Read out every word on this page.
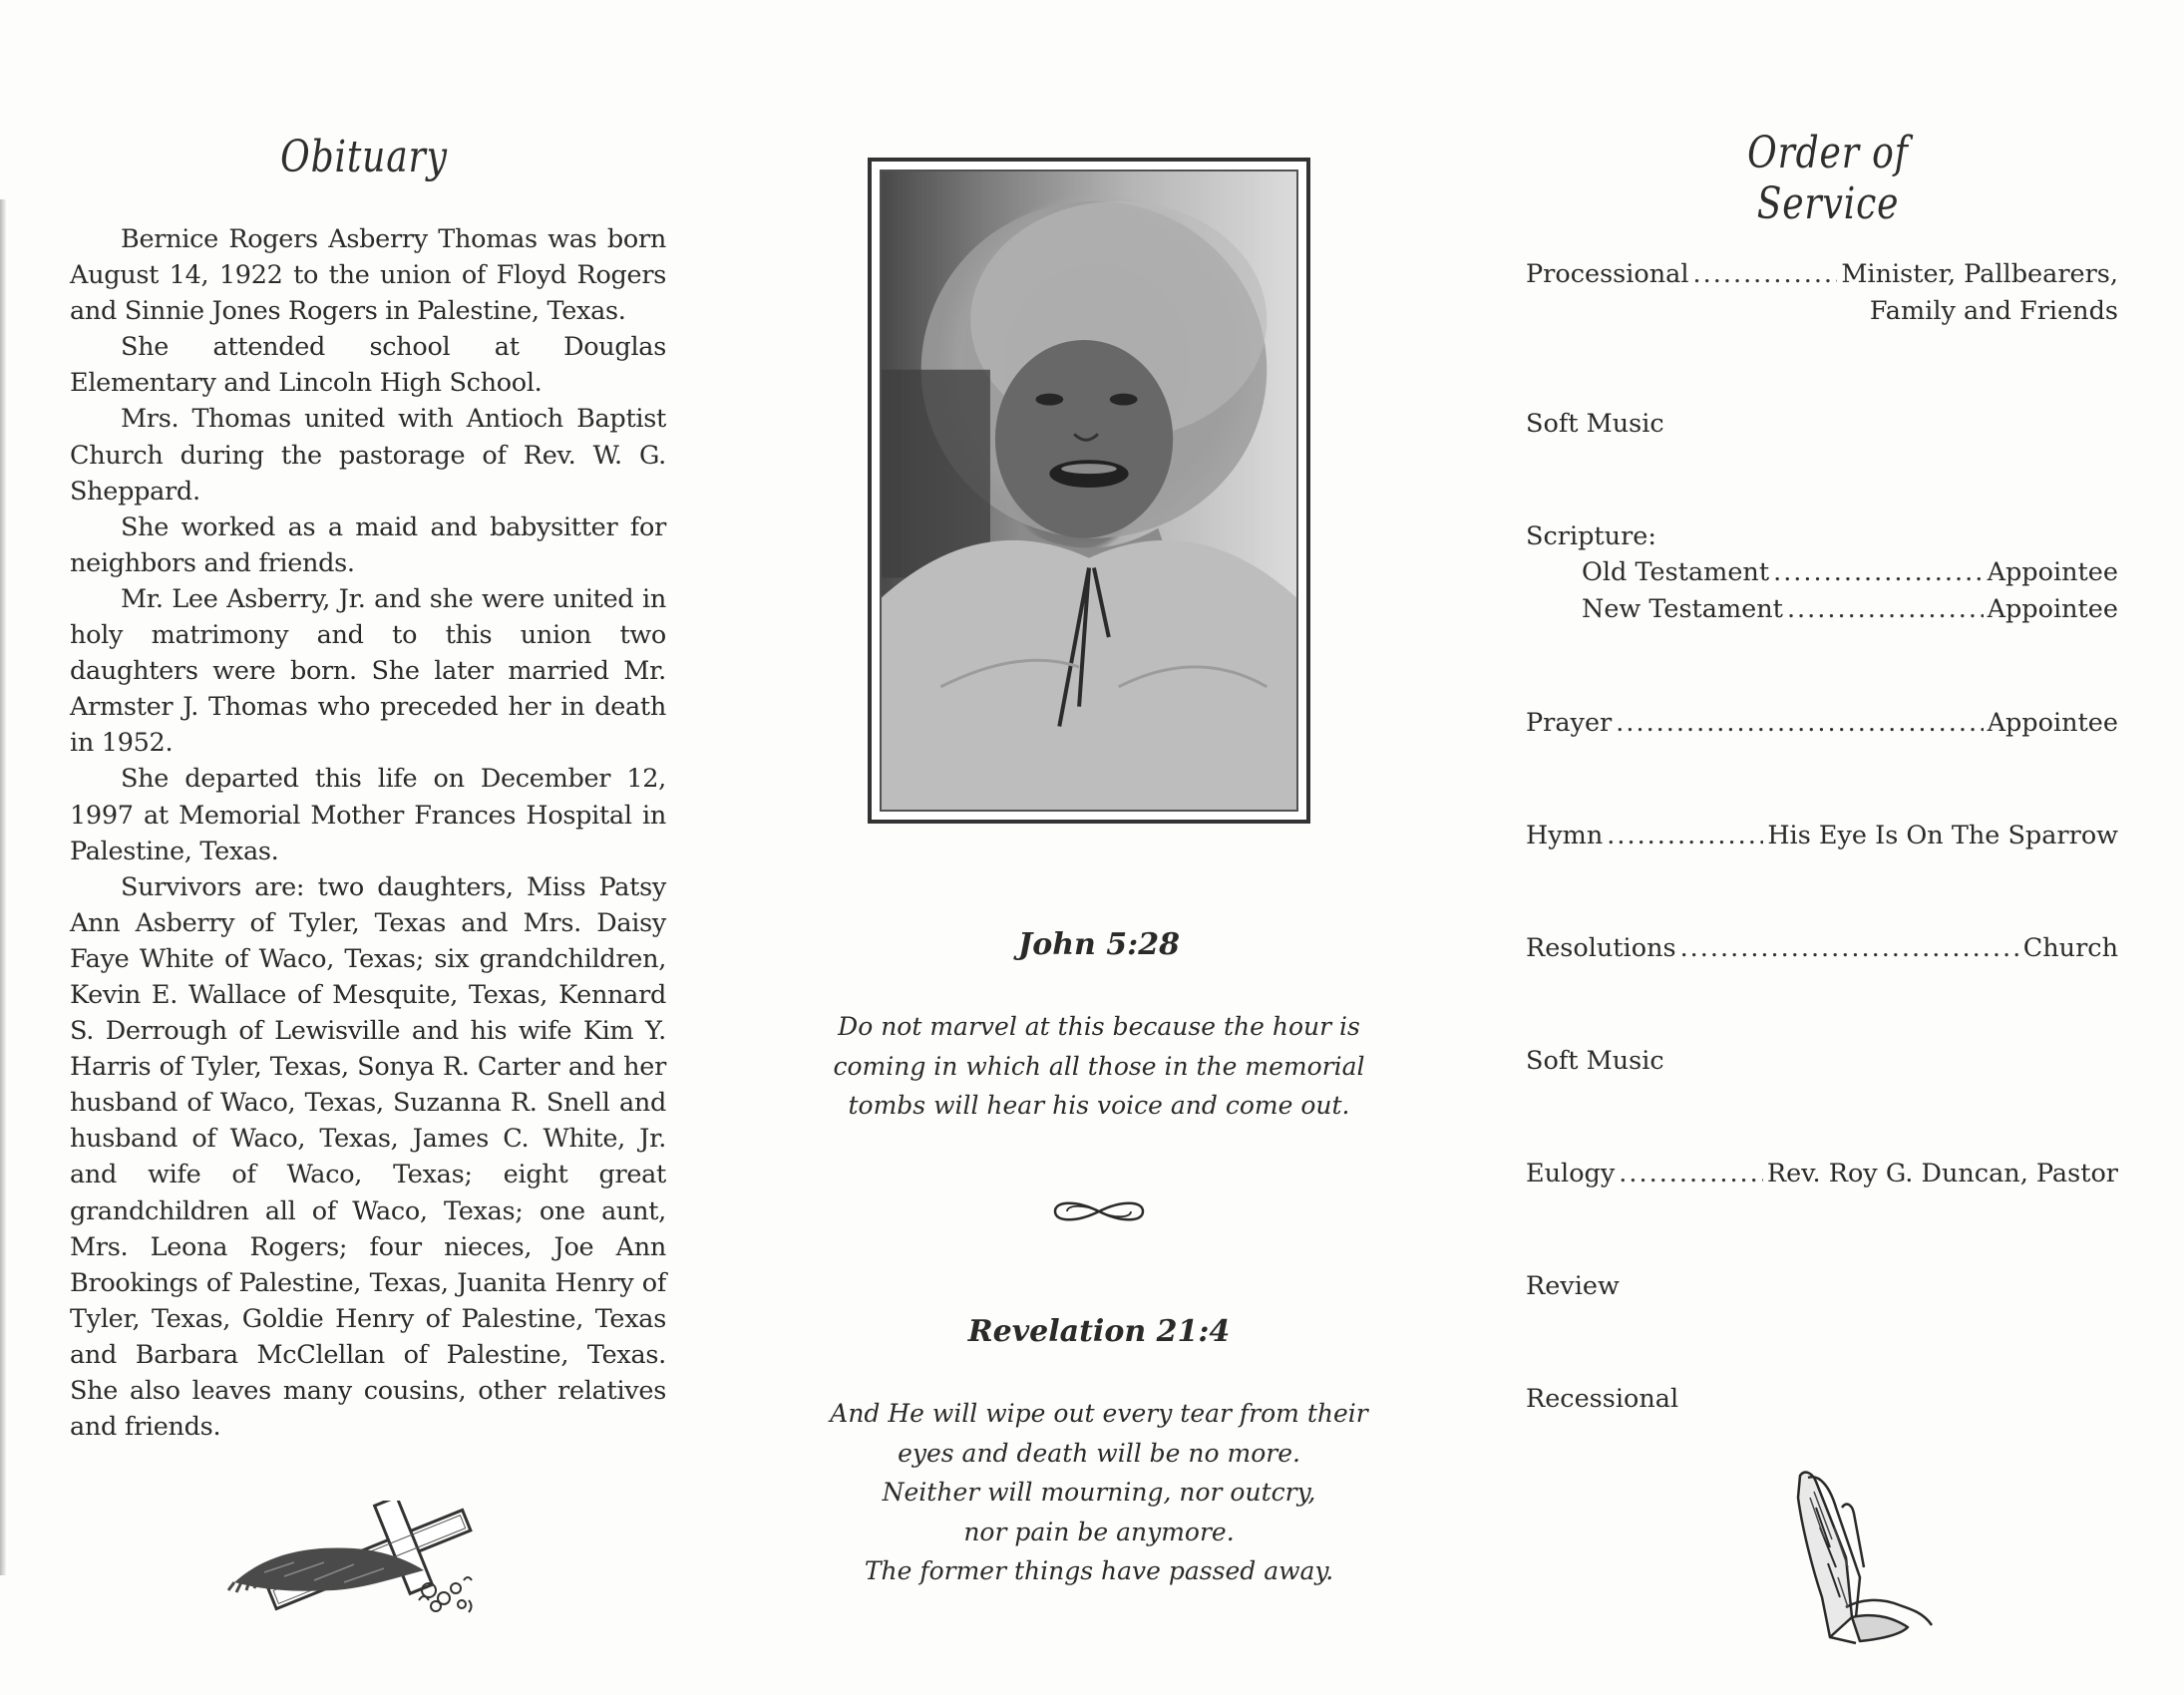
Obituary

Bernice Rogers Asberry Thomas was born August 14, 1922 to the union of Floyd Rogers and Sinnie Jones Rogers in Palestine, Texas.

She attended school at Douglas Elementary and Lincoln High School.

Mrs. Thomas united with Antioch Baptist Church during the pastorage of Rev. W. G. Sheppard.

She worked as a maid and babysitter for neighbors and friends.

Mr. Lee Asberry, Jr. and she were united in holy matrimony and to this union two daughters were born. She later married Mr. Armster J. Thomas who preceded her in death in 1952.

She departed this life on December 12, 1997 at Memorial Mother Frances Hospital in Palestine, Texas.

Survivors are: two daughters, Miss Patsy Ann Asberry of Tyler, Texas and Mrs. Daisy Faye White of Waco, Texas; six grandchildren, Kevin E. Wallace of Mesquite, Texas, Kennard S. Derrough of Lewisville and his wife Kim Y. Harris of Tyler, Texas, Sonya R. Carter and her husband of Waco, Texas, Suzanna R. Snell and husband of Waco, Texas, James C. White, Jr. and wife of Waco, Texas; eight great grandchildren all of Waco, Texas; one aunt, Mrs. Leona Rogers; four nieces, Joe Ann Brookings of Palestine, Texas, Juanita Henry of Tyler, Texas, Goldie Henry of Palestine, Texas and Barbara McClellan of Palestine, Texas. She also leaves many cousins, other relatives and friends.

John 5:28
Do not marvel at this because the hour is
coming in which all those in the memorial
tombs will hear his voice and come out.
Revelation 21:4
And He will wipe out every tear from their
eyes and death will be no more.
Neither will mourning, nor outcry,
nor pain be anymore.
The former things have passed away.
Order of Service
Processional .....	Minister, Pallbearers,
Family and Friends
Soft Music
Scripture:
Old Testament .....	Appointee
New Testament .....	Appointee
Prayer .....	Appointee
Hymn .....	His Eye Is On The Sparrow
Resolutions .....	Church
Soft Music
Eulogy .....	Rev. Roy G. Duncan, Pastor
Review
Recessional
